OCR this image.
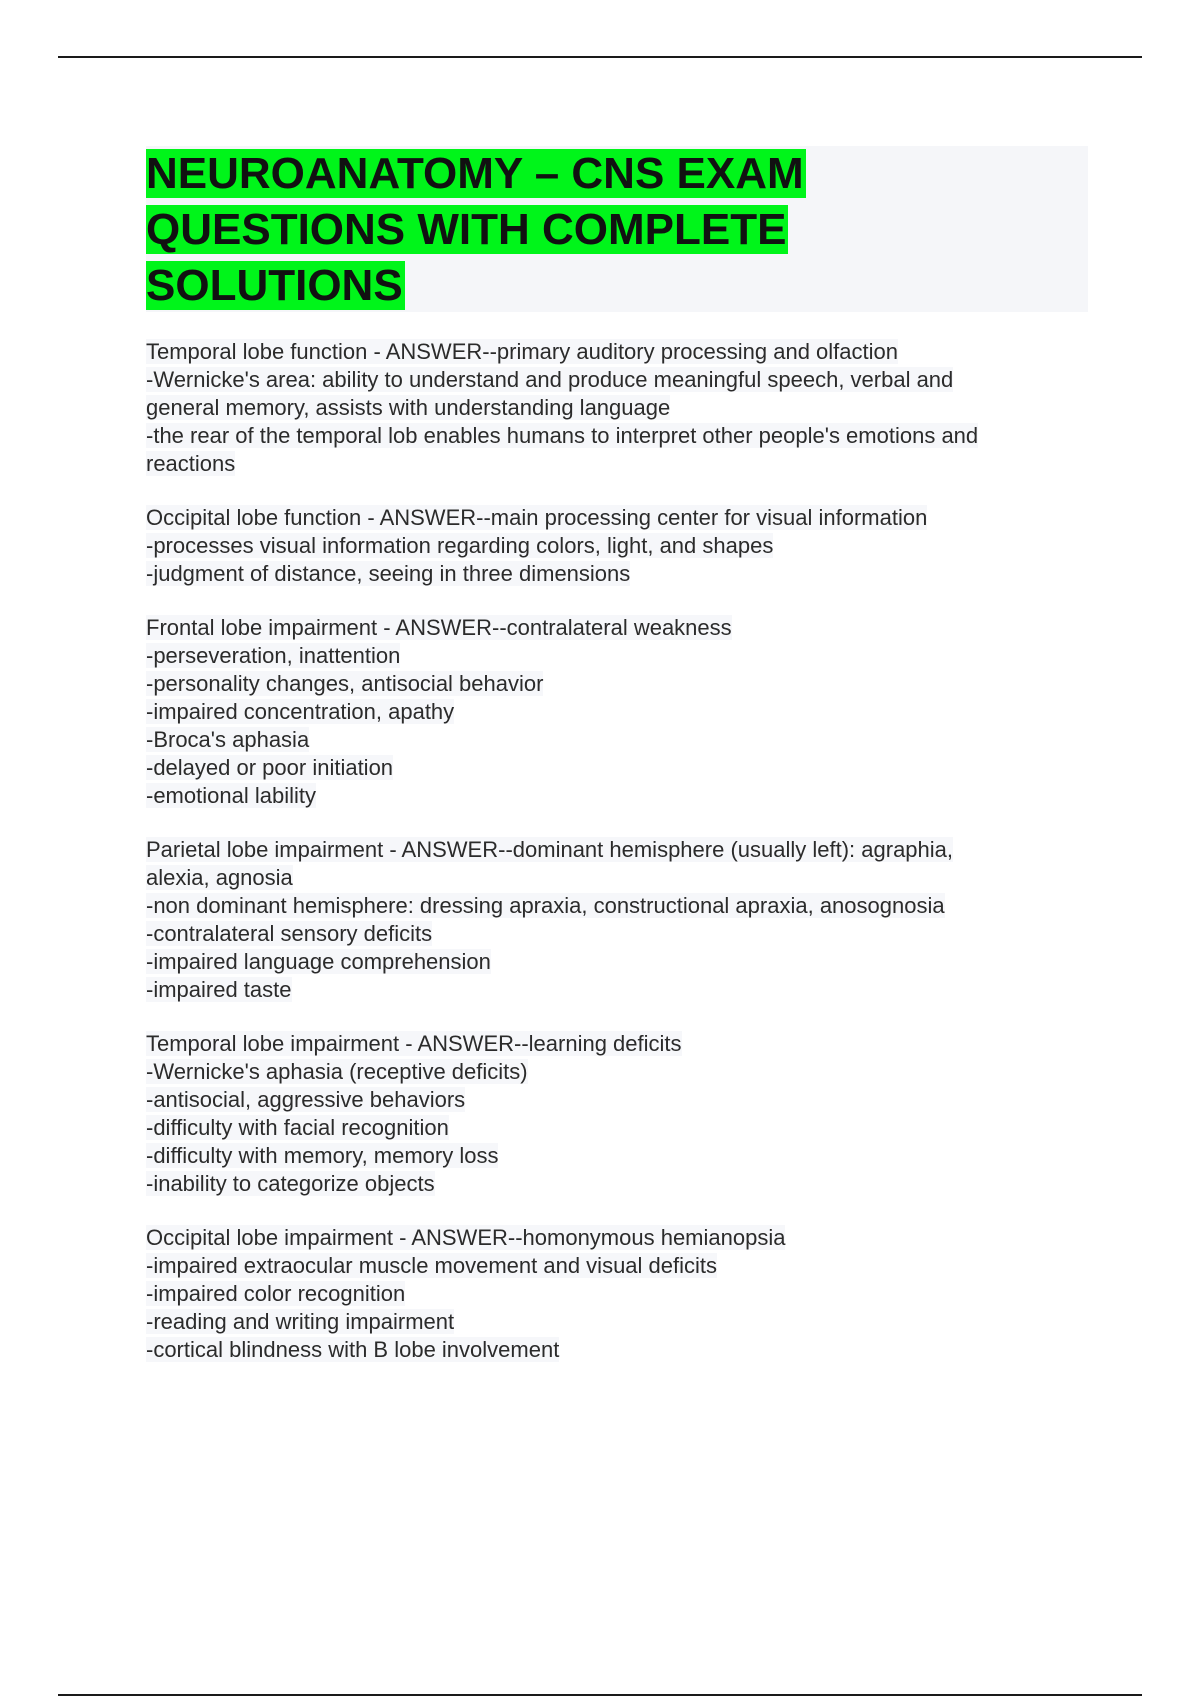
NEUROANATOMY – CNS EXAM
QUESTIONS WITH COMPLETE
SOLUTIONS
Temporal lobe function - ANSWER--primary auditory processing and olfaction
-Wernicke's area: ability to understand and produce meaningful speech, verbal and
general memory, assists with understanding language
-the rear of the temporal lob enables humans to interpret other people's emotions and
reactions
Occipital lobe function - ANSWER--main processing center for visual information
-processes visual information regarding colors, light, and shapes
-judgment of distance, seeing in three dimensions
Frontal lobe impairment - ANSWER--contralateral weakness
-perseveration, inattention
-personality changes, antisocial behavior
-impaired concentration, apathy
-Broca's aphasia
-delayed or poor initiation
-emotional lability
Parietal lobe impairment - ANSWER--dominant hemisphere (usually left): agraphia,
alexia, agnosia
-non dominant hemisphere: dressing apraxia, constructional apraxia, anosognosia
-contralateral sensory deficits
-impaired language comprehension
-impaired taste
Temporal lobe impairment - ANSWER--learning deficits
-Wernicke's aphasia (receptive deficits)
-antisocial, aggressive behaviors
-difficulty with facial recognition
-difficulty with memory, memory loss
-inability to categorize objects
Occipital lobe impairment - ANSWER--homonymous hemianopsia
-impaired extraocular muscle movement and visual deficits
-impaired color recognition
-reading and writing impairment
-cortical blindness with B lobe involvement
